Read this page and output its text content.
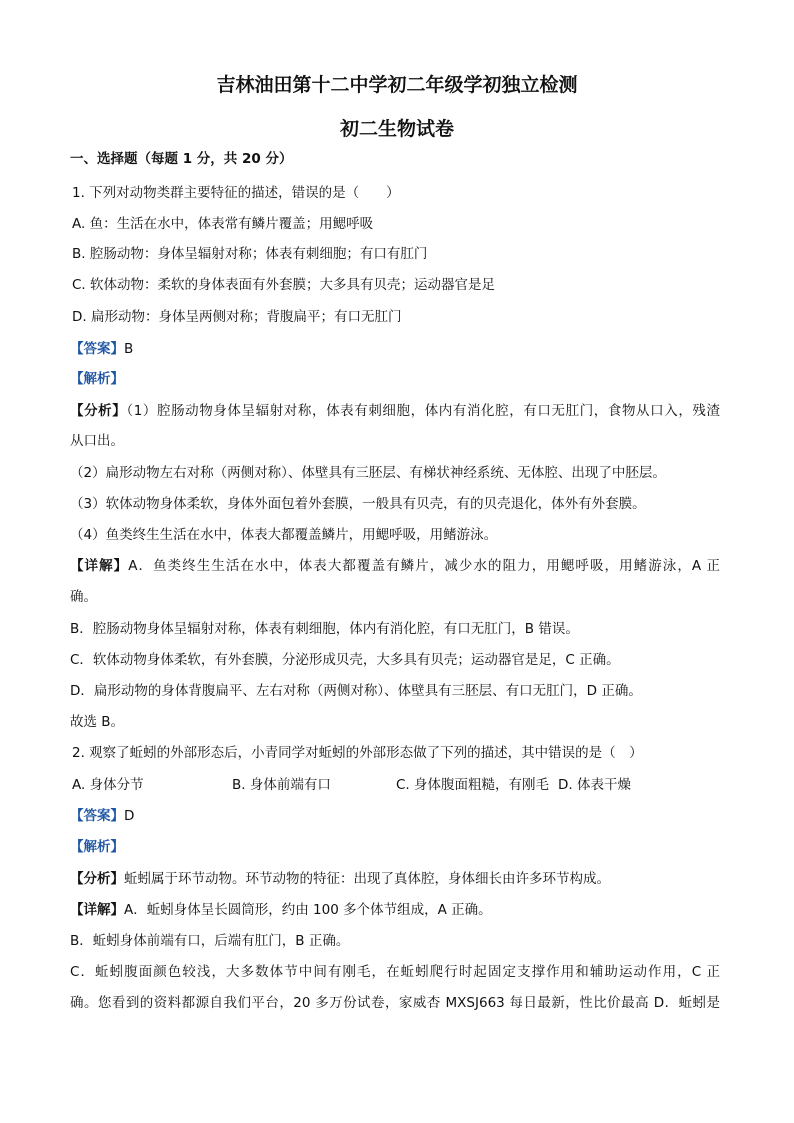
吉林油田第十二中学初二年级学初独立检测
初二生物试卷
一、选择题（每题 1 分，共 20 分）
1. 下列对动物类群主要特征的描述，错误的是（　　）
A. 鱼：生活在水中，体表常有鳞片覆盖；用鳃呼吸
B. 腔肠动物：身体呈辐射对称；体表有刺细胞；有口有肛门
C. 软体动物：柔软的身体表面有外套膜；大多具有贝壳；运动器官是足
D. 扁形动物：身体呈两侧对称；背腹扁平；有口无肛门
【答案】B
【解析】
【分析】（1）腔肠动物身体呈辐射对称，体表有刺细胞，体内有消化腔，有口无肛门，食物从口入，残渣
从口出。
（2）扁形动物左右对称（两侧对称）、体壁具有三胚层、有梯状神经系统、无体腔、出现了中胚层。
（3）软体动物身体柔软，身体外面包着外套膜，一般具有贝壳，有的贝壳退化，体外有外套膜。
（4）鱼类终生生活在水中，体表大都覆盖鳞片，用鳃呼吸，用鳍游泳。
【详解】A．鱼类终生生活在水中，体表大都覆盖有鳞片，减少水的阻力，用鳃呼吸，用鳍游泳，A 正
确。
B．腔肠动物身体呈辐射对称，体表有刺细胞，体内有消化腔，有口无肛门，B 错误。
C．软体动物身体柔软，有外套膜，分泌形成贝壳，大多具有贝壳；运动器官是足，C 正确。
D．扁形动物的身体背腹扁平、左右对称（两侧对称）、体壁具有三胚层、有口无肛门，D 正确。
故选 B。
2. 观察了蚯蚓的外部形态后，小青同学对蚯蚓的外部形态做了下列的描述，其中错误的是（　）
A. 身体分节	B. 身体前端有口	C. 身体腹面粗糙，有刚毛 D. 体表干燥
【答案】D
【解析】
【分析】蚯蚓属于环节动物。环节动物的特征：出现了真体腔，身体细长由许多环节构成。
【详解】A．蚯蚓身体呈长圆筒形，约由 100 多个体节组成，A 正确。
B．蚯蚓身体前端有口，后端有肛门，B 正确。
C．蚯蚓腹面颜色较浅，大多数体节中间有刚毛，在蚯蚓爬行时起固定支撑作用和辅助运动作用，C 正
确。您看到的资料都源自我们平台，20 多万份试卷，家威杏 MXSJ663 每日最新，性比价最高 D．蚯蚓是
